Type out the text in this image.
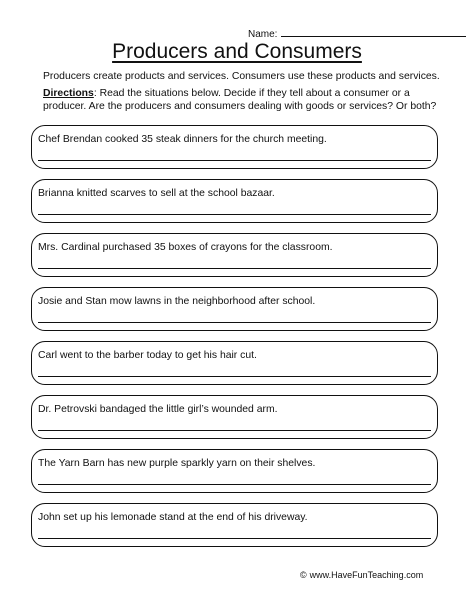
Name:
Producers and Consumers
Producers create products and services. Consumers use these products and services.
Directions: Read the situations below. Decide if they tell about a consumer or a producer. Are the producers and consumers dealing with goods or services? Or both?
Chef Brendan cooked 35 steak dinners for the church meeting.
Brianna knitted scarves to sell at the school bazaar.
Mrs. Cardinal purchased 35 boxes of crayons for the classroom.
Josie and Stan mow lawns in the neighborhood after school.
Carl went to the barber today to get his hair cut.
Dr. Petrovski bandaged the little girl’s wounded arm.
The Yarn Barn has new purple sparkly yarn on their shelves.
John set up his lemonade stand at the end of his driveway.
© www.HaveFunTeaching.com
